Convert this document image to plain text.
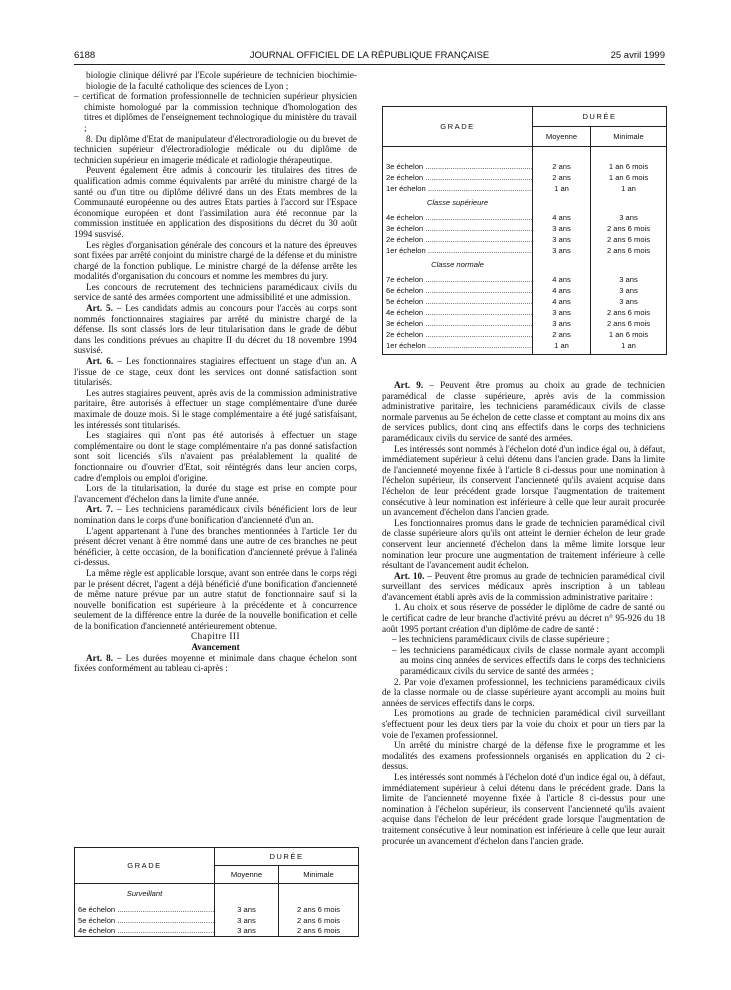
6188	JOURNAL OFFICIEL DE LA RÉPUBLIQUE FRANÇAISE	25 avril 1999

biologie clinique délivré par l'Ecole supérieure de technicien biochimie-biologie de la faculté catholique des sciences de Lyon ;

– certificat de formation professionnelle de technicien supérieur physicien chimiste homologué par la commission technique d'homologation des titres et diplômes de l'enseignement technologique du ministère du travail ;

8. Du diplôme d'Etat de manipulateur d'électroradiologie ou du brevet de technicien supérieur d'électroradiologie médicale ou du diplôme de technicien supérieur en imagerie médicale et radiologie thérapeutique.

Peuvent également être admis à concourir les titulaires des titres de qualification admis comme équivalents par arrêté du ministre chargé de la santé ou d'un titre ou diplôme délivré dans un des Etats membres de la Communauté européenne ou des autres Etats parties à l'accord sur l'Espace économique européen et dont l'assimilation aura été reconnue par la commission instituée en application des dispositions du décret du 30 août 1994 susvisé.

Les règles d'organisation générale des concours et la nature des épreuves sont fixées par arrêté conjoint du ministre chargé de la défense et du ministre chargé de la fonction publique. Le ministre chargé de la défense arrête les modalités d'organisation du concours et nomme les membres du jury.

Les concours de recrutement des techniciens paramédicaux civils du service de santé des armées comportent une admissibilité et une admission.

Art. 5. – Les candidats admis au concours pour l'accès au corps sont nommés fonctionnaires stagiaires par arrêté du ministre chargé de la défense. Ils sont classés lors de leur titularisation dans le grade de début dans les conditions prévues au chapitre II du décret du 18 novembre 1994 susvisé.

Art. 6. – Les fonctionnaires stagiaires effectuent un stage d'un an. A l'issue de ce stage, ceux dont les services ont donné satisfaction sont titularisés.

Les autres stagiaires peuvent, après avis de la commission administrative paritaire, être autorisés à effectuer un stage complémentaire d'une durée maximale de douze mois. Si le stage complémentaire a été jugé satisfaisant, les intéressés sont titularisés.

Les stagiaires qui n'ont pas été autorisés à effectuer un stage complémentaire ou dont le stage complémentaire n'a pas donné satisfaction sont soit licenciés s'ils n'avaient pas préalablement la qualité de fonctionnaire ou d'ouvrier d'Etat, soit réintégrés dans leur ancien corps, cadre d'emplois ou emploi d'origine.

Lors de la titularisation, la durée du stage est prise en compte pour l'avancement d'échelon dans la limite d'une année.

Art. 7. – Les techniciens paramédicaux civils bénéficient lors de leur nomination dans le corps d'une bonification d'ancienneté d'un an.

L'agent appartenant à l'une des branches mentionnées à l'article 1er du présent décret venant à être nommé dans une autre de ces branches ne peut bénéficier, à cette occasion, de la bonification d'ancienneté prévue à l'alinéa ci-dessus.

La même règle est applicable lorsque, avant son entrée dans le corps régi par le présent décret, l'agent a déjà bénéficié d'une bonification d'ancienneté de même nature prévue par un autre statut de fonctionnaire sauf si la nouvelle bonification est supérieure à la précédente et à concurrence seulement de la différence entre la durée de la nouvelle bonification et celle de la bonification d'ancienneté antérieurement obtenue.

Chapitre III

Avancement

Art. 8. – Les durées moyenne et minimale dans chaque échelon sont fixées conformément au tableau ci-après :

GRADE	DURÉE	
	Moyenne	Minimale
Surveillant		
6e échelon .....	3 ans	2 ans 6 mois
5e échelon .....	3 ans	2 ans 6 mois
4e échelon .....	3 ans	2 ans 6 mois
GRADE	DURÉE	
	Moyenne	Minimale

3e échelon .....	2 ans	1 an 6 mois
2e échelon .....	2 ans	1 an 6 mois
1er échelon .....	1 an	1 an
Classe supérieure		
4e échelon .....	4 ans	3 ans
3e échelon .....	3 ans	2 ans 6 mois
2e échelon .....	3 ans	2 ans 6 mois
1er échelon .....	3 ans	2 ans 6 mois
Classe normale		
7e échelon .....	4 ans	3 ans
6e échelon .....	4 ans	3 ans
5e échelon .....	4 ans	3 ans
4e échelon .....	3 ans	2 ans 6 mois
3e échelon .....	3 ans	2 ans 6 mois
2e échelon .....	2 ans	1 an 6 mois
1er échelon .....	1 an	1 an

Art. 9. – Peuvent être promus au choix au grade de technicien paramédical de classe supérieure, après avis de la commission administrative paritaire, les techniciens paramédicaux civils de classe normale parvenus au 5e échelon de cette classe et comptant au moins dix ans de services publics, dont cinq ans effectifs dans le corps des techniciens paramédicaux civils du service de santé des armées.

Les intéressés sont nommés à l'échelon doté d'un indice égal ou, à défaut, immédiatement supérieur à celui détenu dans l'ancien grade. Dans la limite de l'ancienneté moyenne fixée à l'article 8 ci-dessus pour une nomination à l'échelon supérieur, ils conservent l'ancienneté qu'ils avaient acquise dans l'échelon de leur précédent grade lorsque l'augmentation de traitement consécutive à leur nomination est inférieure à celle que leur aurait procurée un avancement d'échelon dans l'ancien grade.

Les fonctionnaires promus dans le grade de technicien paramédical civil de classe supérieure alors qu'ils ont atteint le dernier échelon de leur grade conservent leur ancienneté d'échelon dans la même limite lorsque leur nomination leur procure une augmentation de traitement inférieure à celle résultant de l'avancement audit échelon.

Art. 10. – Peuvent être promus au grade de technicien paramédical civil surveillant des services médicaux après inscription à un tableau d'avancement établi après avis de la commission administrative paritaire :

1. Au choix et sous réserve de posséder le diplôme de cadre de santé ou le certificat cadre de leur branche d'activité prévu au décret n° 95-926 du 18 août 1995 portant création d'un diplôme de cadre de santé :

– les techniciens paramédicaux civils de classe supérieure ;

– les techniciens paramédicaux civils de classe normale ayant accompli au moins cinq années de services effectifs dans le corps des techniciens paramédicaux civils du service de santé des armées ;

2. Par voie d'examen professionnel, les techniciens paramédicaux civils de la classe normale ou de classe supérieure ayant accompli au moins huit années de services effectifs dans le corps.

Les promotions au grade de technicien paramédical civil surveillant s'effectuent pour les deux tiers par la voie du choix et pour un tiers par la voie de l'examen professionnel.

Un arrêté du ministre chargé de la défense fixe le programme et les modalités des examens professionnels organisés en application du 2 ci-dessus.

Les intéressés sont nommés à l'échelon doté d'un indice égal ou, à défaut, immédiatement supérieur à celui détenu dans le précédent grade. Dans la limite de l'ancienneté moyenne fixée à l'article 8 ci-dessus pour une nomination à l'échelon supérieur, ils conservent l'ancienneté qu'ils avaient acquise dans l'échelon de leur précédent grade lorsque l'augmentation de traitement consécutive à leur nomination est inférieure à celle que leur aurait procurée un avancement d'échelon dans l'ancien grade.
